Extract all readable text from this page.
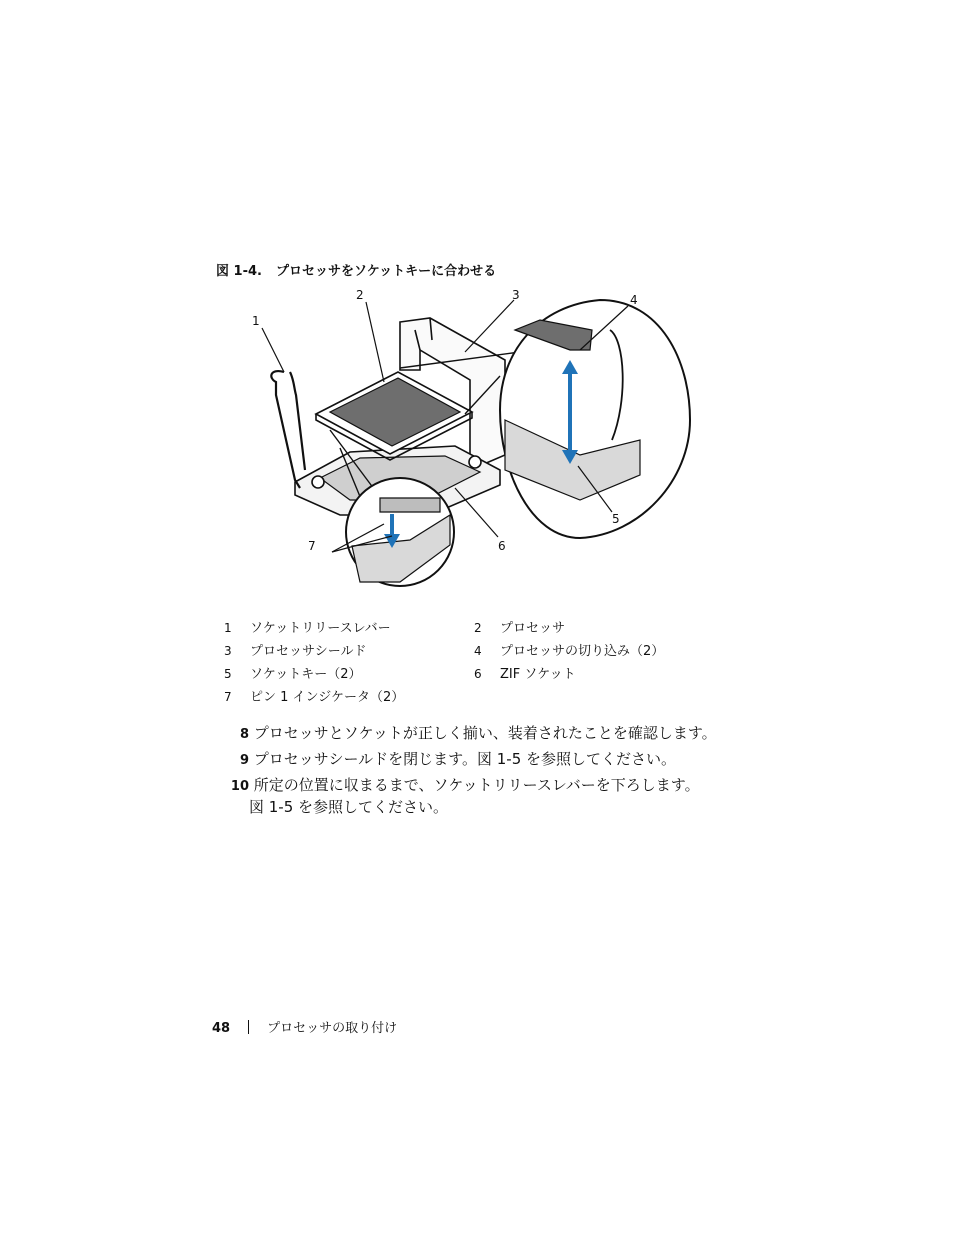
図 1-4. プロセッサをソケットキーに合わせる
1
2	3	4
5
6
7
1 ソケットリリースレバー	2 プロセッサ
3 プロセッサシールド	4 プロセッサの切り込み（2）
5 ソケットキー（2）	6 ZIF ソケット
7 ピン 1 インジケータ（2）
8 プロセッサとソケットが正しく揃い、装着されたことを確認します。
9 プロセッサシールドを閉じます。図 1-5 を参照してください。
10 所定の位置に収まるまで、ソケットリリースレバーを下ろします。
図 1-5 を参照してください。
48	プロセッサの取り付け
